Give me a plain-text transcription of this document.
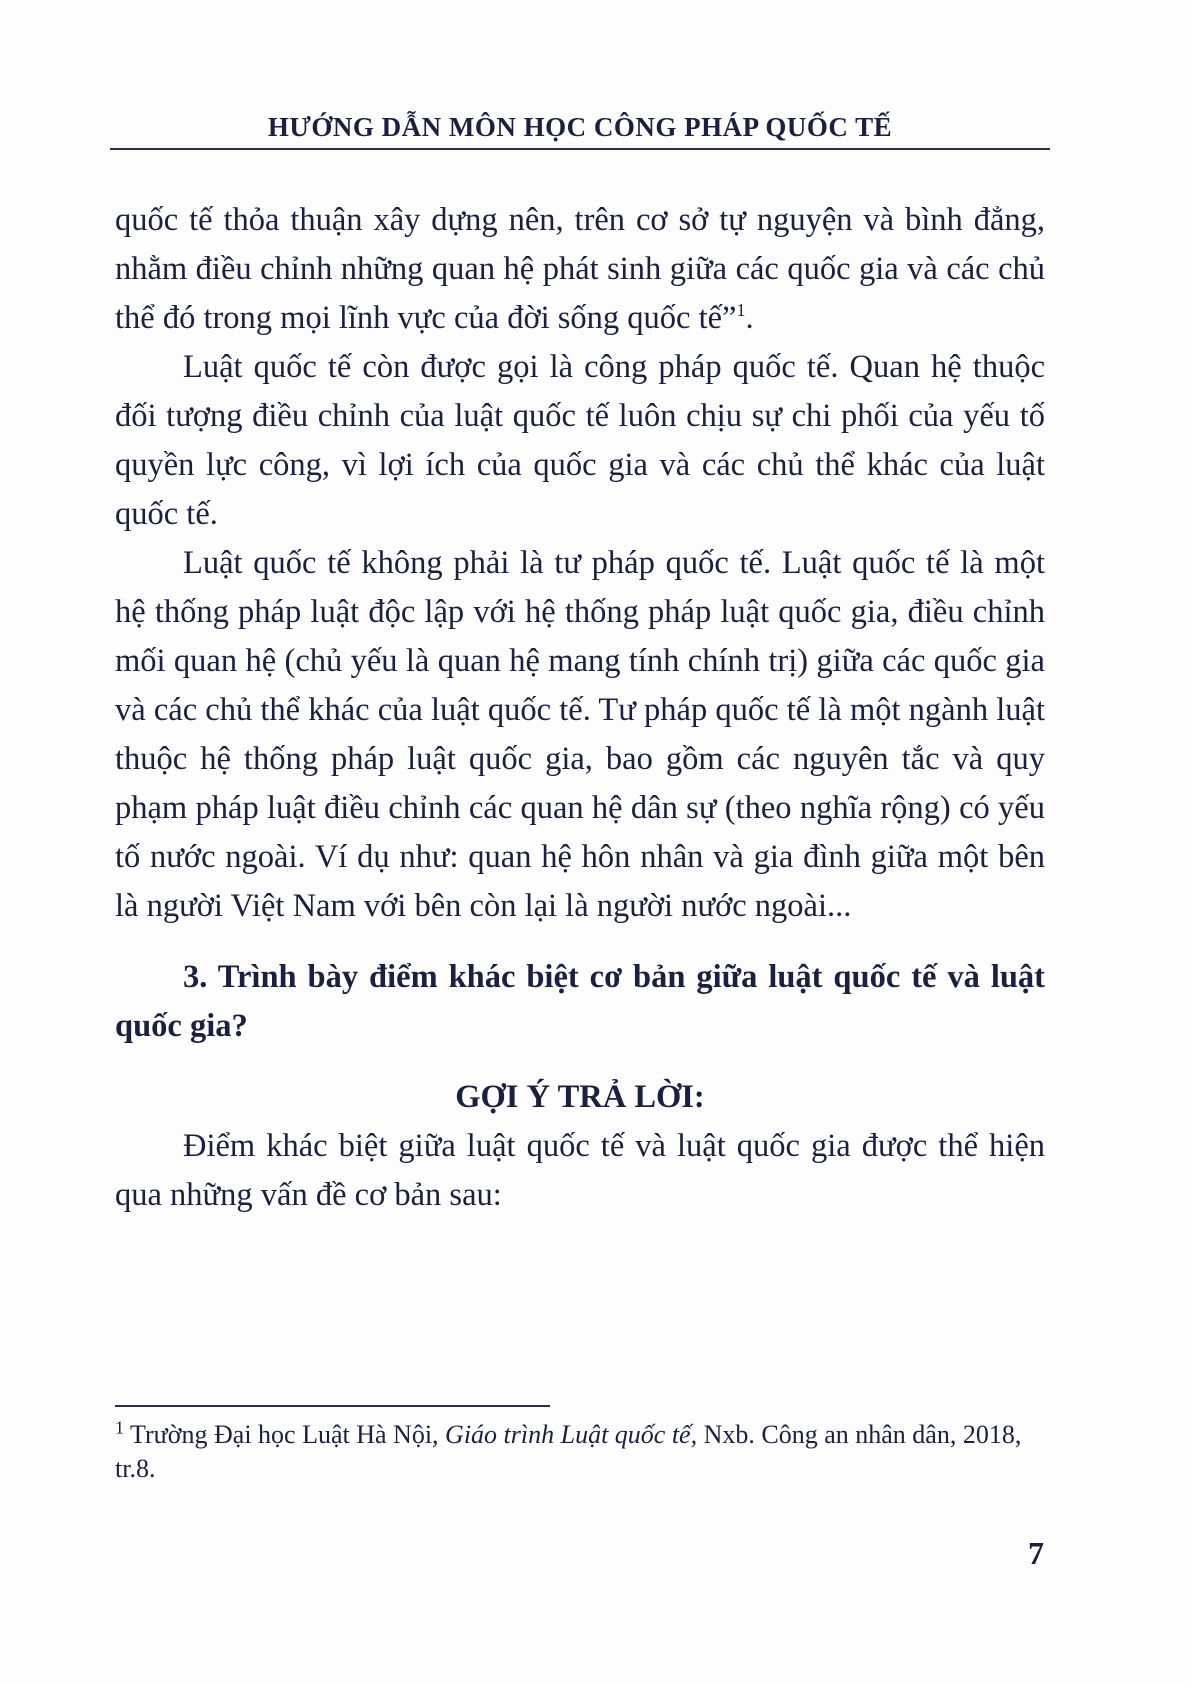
HƯỚNG DẪN MÔN HỌC CÔNG PHÁP QUỐC TẾ

quốc tế thỏa thuận xây dựng nên, trên cơ sở tự nguyện và bình đẳng, nhằm điều chỉnh những quan hệ phát sinh giữa các quốc gia và các chủ thể đó trong mọi lĩnh vực của đời sống quốc tế”$^1$.

Luật quốc tế còn được gọi là công pháp quốc tế. Quan hệ thuộc đối tượng điều chỉnh của luật quốc tế luôn chịu sự chi phối của yếu tố quyền lực công, vì lợi ích của quốc gia và các chủ thể khác của luật quốc tế.

Luật quốc tế không phải là tư pháp quốc tế. Luật quốc tế là một hệ thống pháp luật độc lập với hệ thống pháp luật quốc gia, điều chỉnh mối quan hệ (chủ yếu là quan hệ mang tính chính trị) giữa các quốc gia và các chủ thể khác của luật quốc tế. Tư pháp quốc tế là một ngành luật thuộc hệ thống pháp luật quốc gia, bao gồm các nguyên tắc và quy phạm pháp luật điều chỉnh các quan hệ dân sự (theo nghĩa rộng) có yếu tố nước ngoài. Ví dụ như: quan hệ hôn nhân và gia đình giữa một bên là người Việt Nam với bên còn lại là người nước ngoài...

3. Trình bày điểm khác biệt cơ bản giữa luật quốc tế và luật quốc gia?

GỢI Ý TRẢ LỜI:

Điểm khác biệt giữa luật quốc tế và luật quốc gia được thể hiện qua những vấn đề cơ bản sau:

$^1$ Trường Đại học Luật Hà Nội, Giáo trình Luật quốc tế, Nxb. Công an nhân dân, 2018, tr.8.
7
